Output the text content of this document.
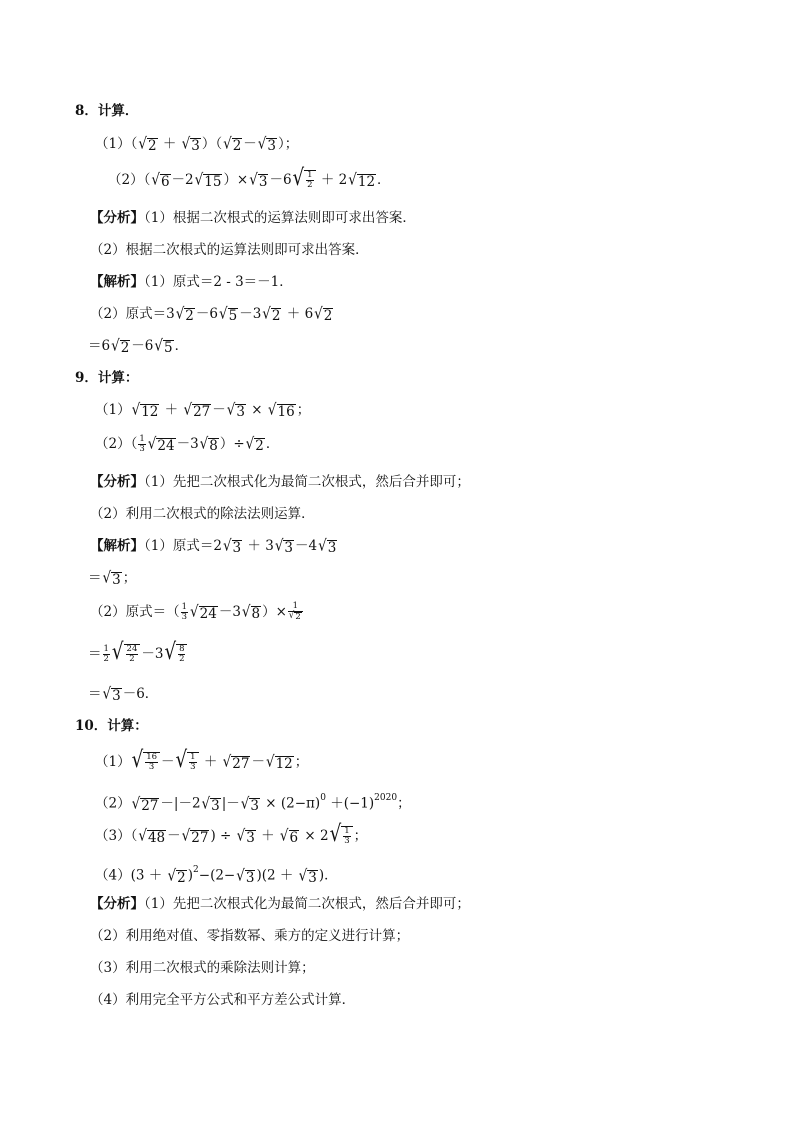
8．计算．
（1）（ √ 2 ＋ √ 3 ）（ √ 2 － √ 3 ）；
（2）（ √ 6 －2 √ 15 ）× √ 3 －6 √ $\frac{1}{2} + 2$ √ 12 ．
【分析】（1）根据二次根式的运算法则即可求出答案．
（2）根据二次根式的运算法则即可求出答案．
【解析】（1）原式＝2 - 3＝－1．
（2）原式＝3 √ 2 －6 √ 5 －3 √ 2 ＋ 6 √ 2
＝6 √ 2 －6 √ 5 ．
9．计算：
（1） √ 12 ＋ √ 27 － √ 3 × √ 16 ；
$(2)( \frac{1}{3}$ √ 24 －3 √ 8 ）÷ √ 2 ．
【分析】（1）先把二次根式化为最简二次根式，然后合并即可；
（2）利用二次根式的除法法则运算．
【解析】（1）原式＝2 √ 3 ＋ 3 √ 3 －4 √ 3
＝ √ 3 ；
（2）原式＝（ $\frac{1}{3}$ √ 24 －3 √ 8 ）× $\frac{1}{√ 2}$
＝ $\frac{1}{2}$ √ $\frac{24}{2} -3$ √ $\frac{8}{2}$
＝ √ 3 －6．
10．计算：
（1） √ $\frac{16}{3}$ － √ $\frac{1}{3}$ ＋ √ 27 － √ 12 ；
（2） √ 27 －|－2 √ 3 |－ √ $3 \times (2-\pi)^0 +(-1)^{2020}$；
（3）（ √ 48 － √ 27 ) ÷ √ 3 ＋ √ 6 × 2 √ $\frac{1}{3}$ ；
（4）(3 ＋ √ 2 )$^2$−(2− √ 3 )(2 ＋ √ 3 )．
【分析】（1）先把二次根式化为最简二次根式，然后合并即可；
（2）利用绝对值、零指数幂、乘方的定义进行计算；
（3）利用二次根式的乘除法则计算；
（4）利用完全平方公式和平方差公式计算．
